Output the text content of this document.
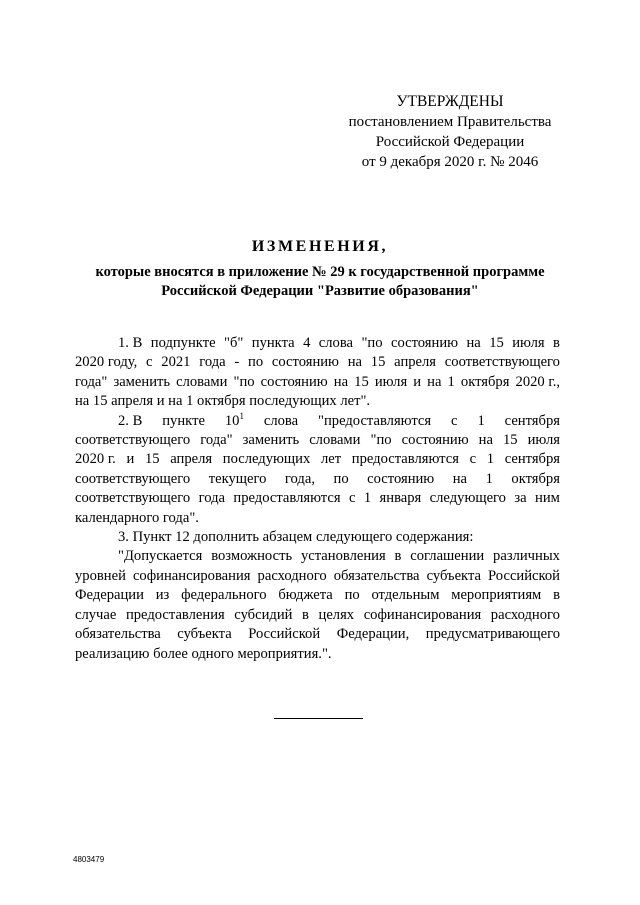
УТВЕРЖДЕНЫ
постановлением Правительства
Российской Федерации
от 9 декабря 2020 г. № 2046
ИЗМЕНЕНИЯ,
которые вносятся в приложение № 29 к государственной программе
Российской Федерации "Развитие образования"
1. В подпункте "б" пункта 4 слова "по состоянию на 15 июля в
2020 году, с 2021 года - по состоянию на 15 апреля соответствующего
года" заменить словами "по состоянию на 15 июля и на 1 октября 2020 г.,
на 15 апреля и на 1 октября последующих лет".
2. В пункте $10^1$ слова "предоставляются с 1 сентября
соответствующего года" заменить словами "по состоянию на 15 июля
2020 г. и 15 апреля последующих лет предоставляются с 1 сентября
соответствующего текущего года, по состоянию на 1 октября
соответствующего года предоставляются с 1 января следующего за ним
календарного года".
3. Пункт 12 дополнить абзацем следующего содержания:
"Допускается возможность установления в соглашении различных
уровней софинансирования расходного обязательства субъекта Российской
Федерации из федерального бюджета по отдельным мероприятиям в
случае предоставления субсидий в целях софинансирования расходного
обязательства субъекта Российской Федерации, предусматривающего
реализацию более одного мероприятия.".
4803479
